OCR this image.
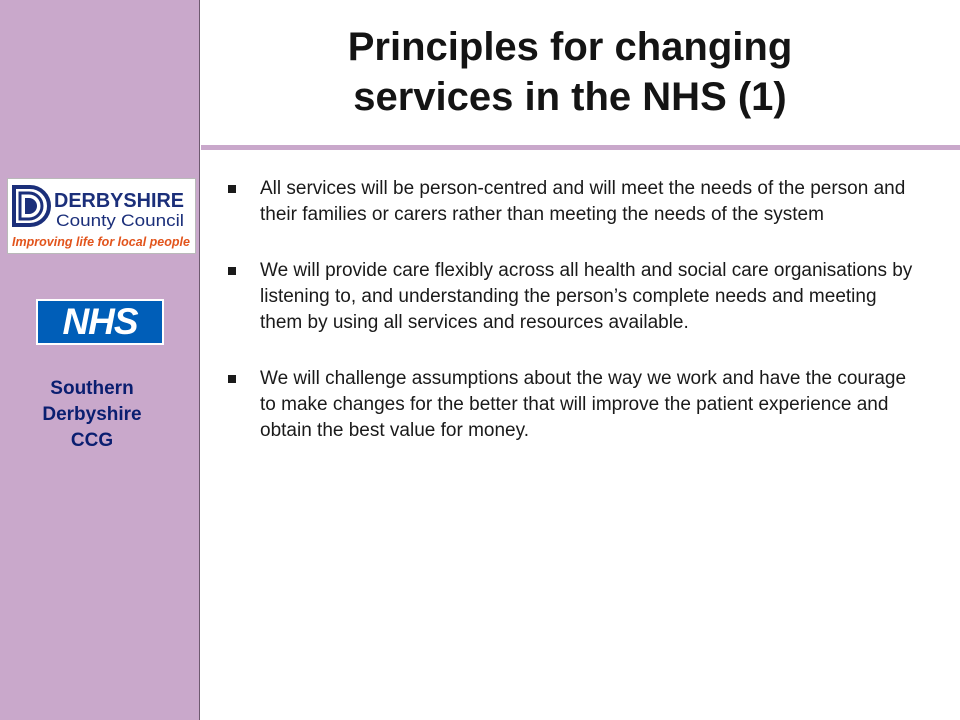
DERBYSHIRE
County Council
Improving life for local people
NHS
Southern
Derbyshire
CCG
Principles for changing
services in the NHS (1)
All services will be person-centred and will meet the needs of the person and their families or carers rather than meeting the needs of the system
We will provide care flexibly across all health and social care organisations by listening to, and understanding the person’s complete needs and meeting them by using all services and resources available.
We will challenge assumptions about the way we work and have the courage to make changes for the better that will improve the patient experience and obtain the best value for money.
